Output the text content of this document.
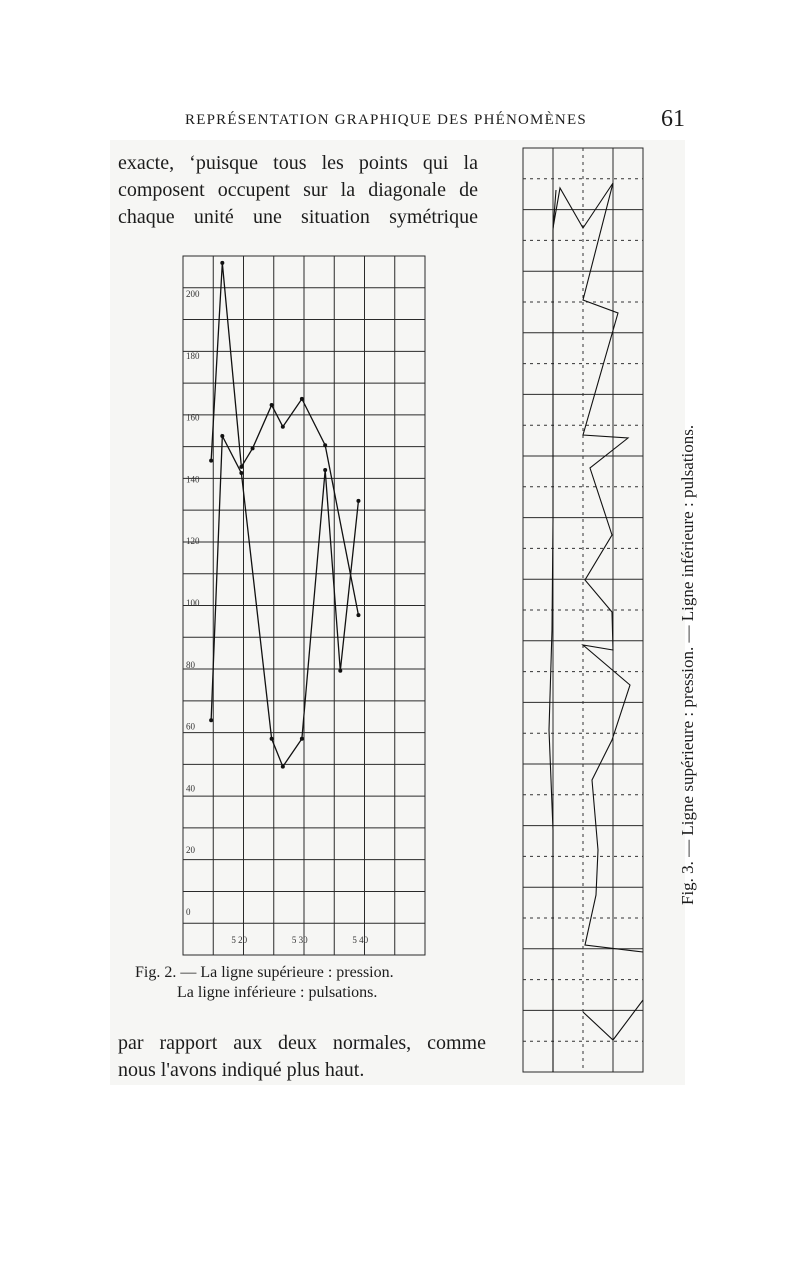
REPRÉSENTATION GRAPHIQUE DES PHÉNOMÈNES	61
exacte, ‘puisque tous les points qui la
composent occupent sur la diagonale de
chaque unité une situation symétrique
200
180
160
140
120
100
80
60
40
20
0
5 20	5 30	5 40
Fig. 2. — La ligne supérieure : pression.
La ligne inférieure : pulsations.
par rapport aux deux normales, comme
nous l'avons indiqué plus haut.
Fig. 3. — Ligne supérieure : pression. — Ligne inférieure : pulsations.
